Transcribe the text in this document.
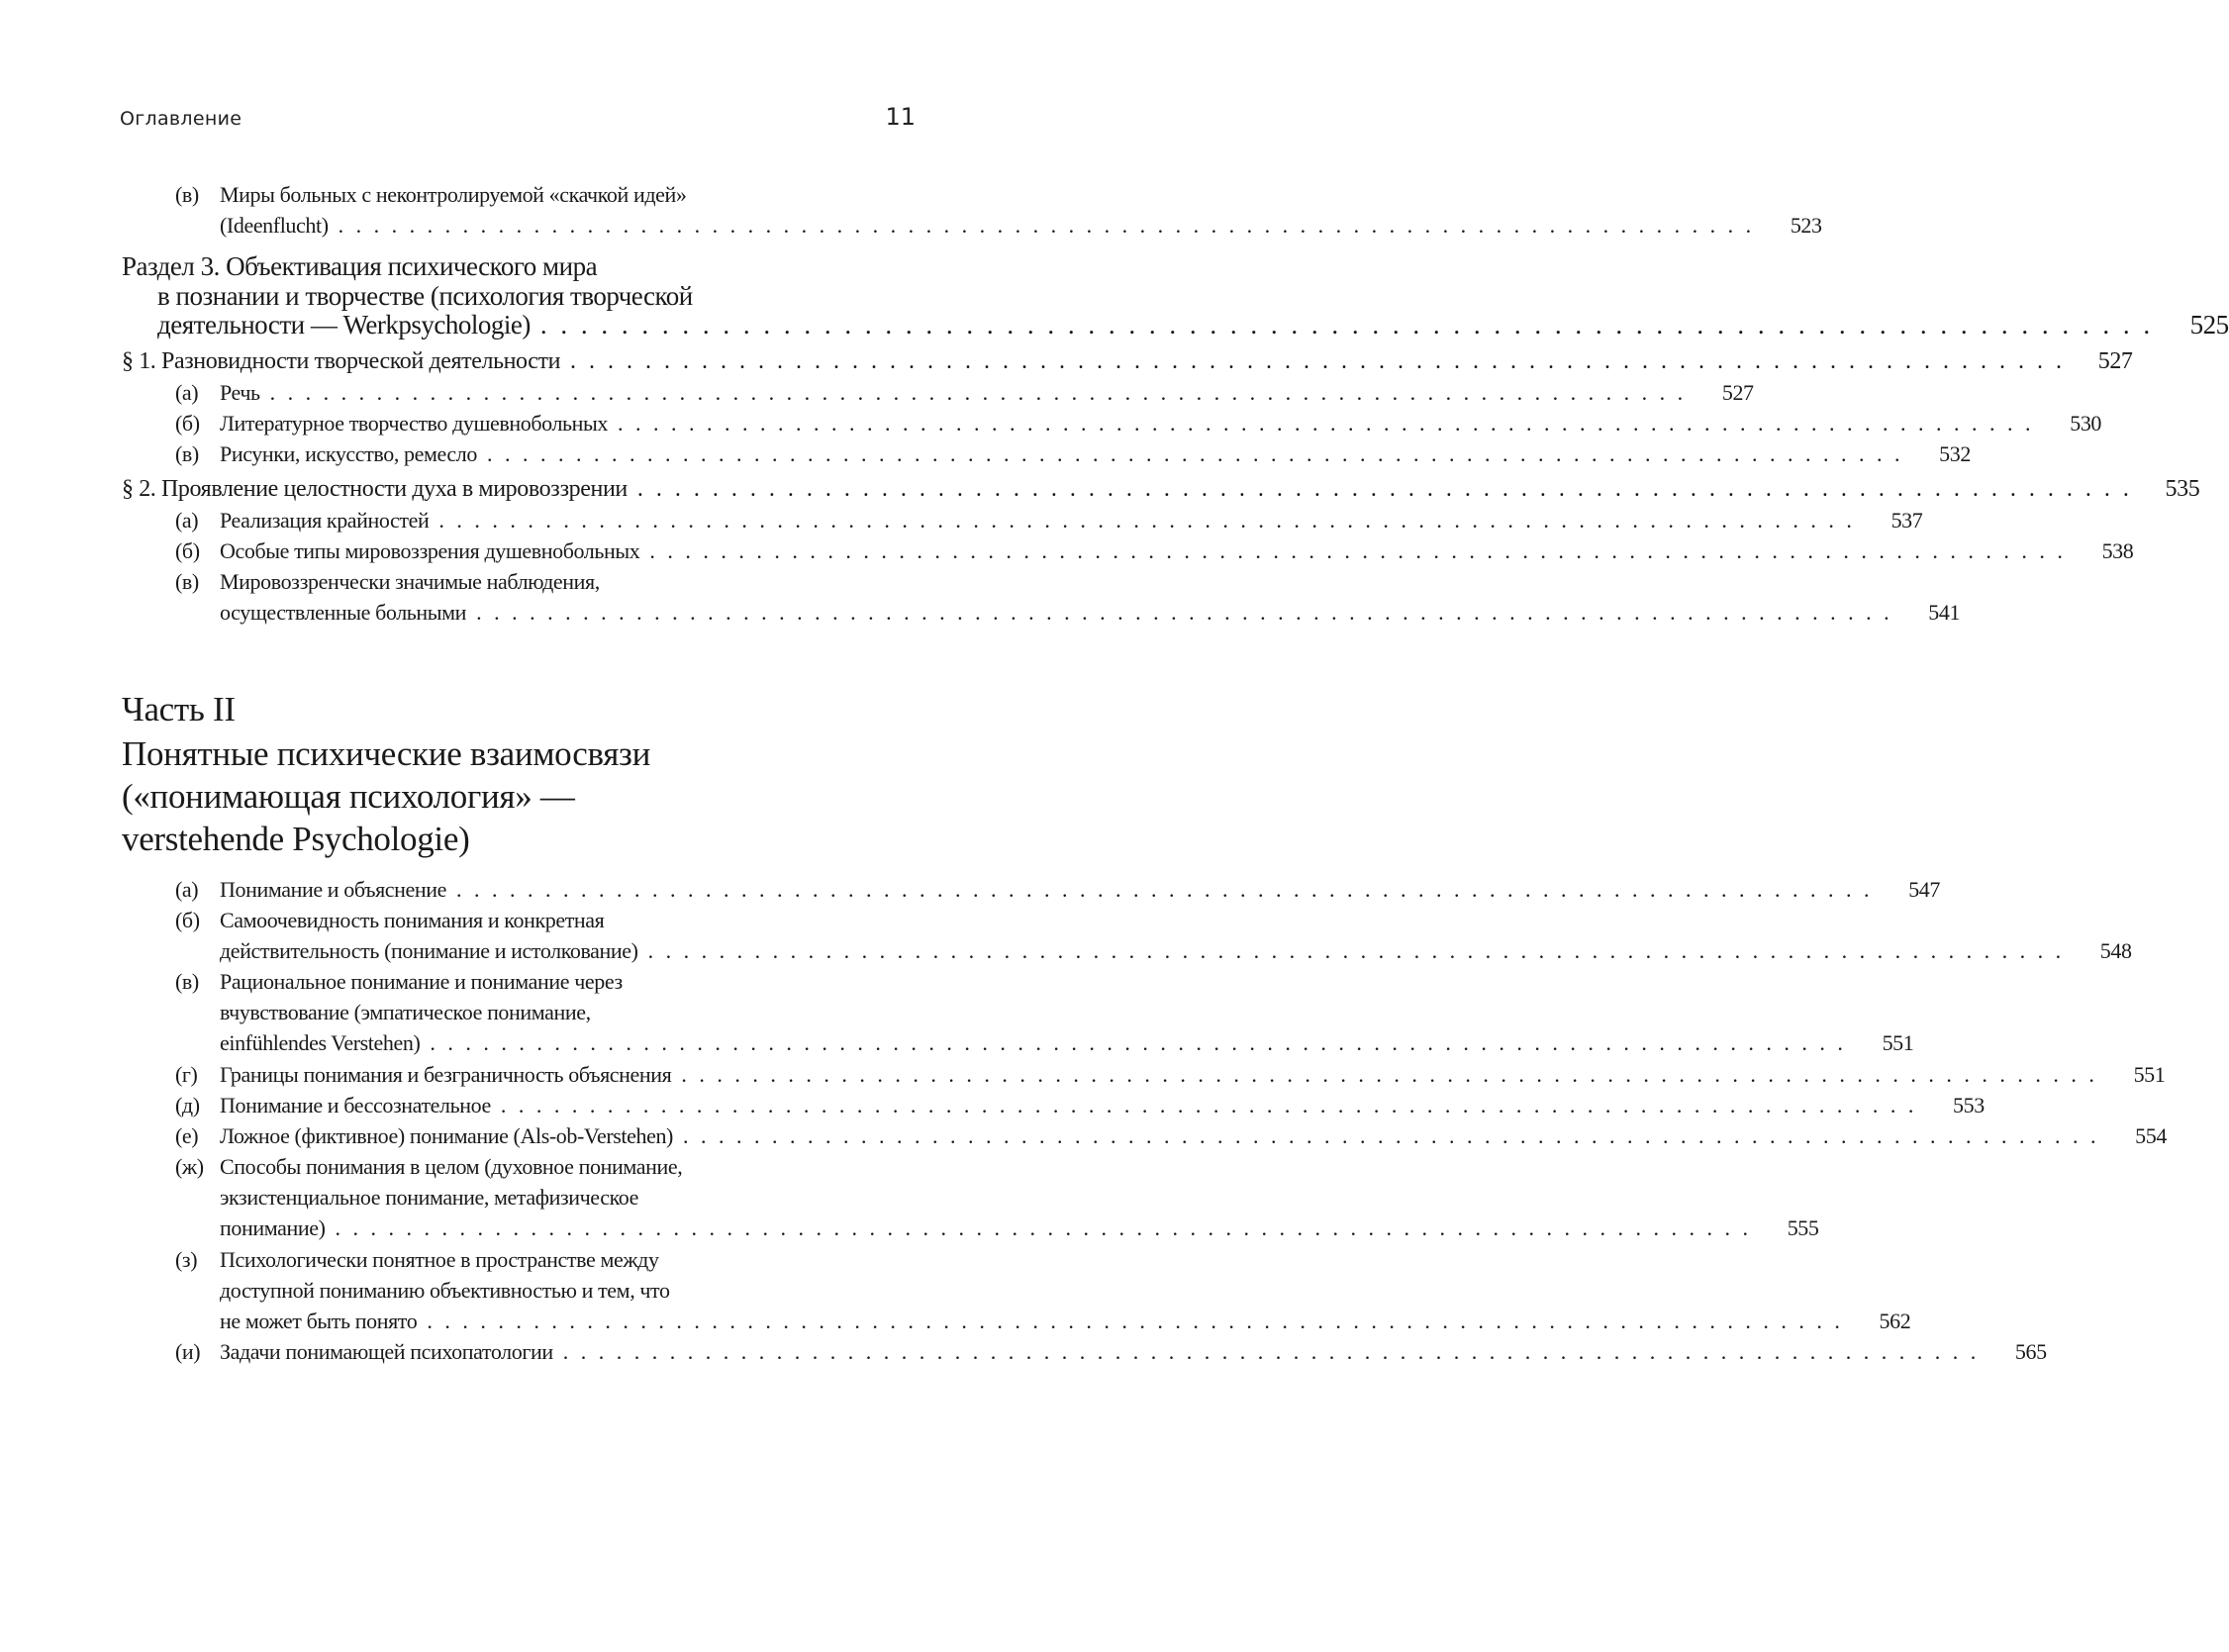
Оглавление	11
Часть II
Понятные психические взаимосвязи
(«понимающая психология» —
verstehende Psychologie)
(в) Миры больных с неконтролируемой «скачкой идей»
(Ideenflucht) . . . . . . . . . . . . . . . . . . . . . . . . . . . . . . . . . . . . . . . . . . . . . . . . . . . . . . . . . . . . . . . . . . . . . . . . . . . . . . . .	523
Раздел 3. Объективация психического мира
в познании и творчестве (психология творческой
деятельности — Werkpsychologie) . . . . . . . . . . . . . . . . . . . . . . . . . . . . . . . . . . . . . . . . . . . . . . . . . . . . . . . . . . . . . . . . . . . . . . . . . . . . . . . .	525
§ 1. Разновидности творческой деятельности . . . . . . . . . . . . . . . . . . . . . . . . . . . . . . . . . . . . . . . . . . . . . . . . . . . . . . . . . . . . . . . . . . . . . . . . . . . . . . . .	527
(а) Речь . . . . . . . . . . . . . . . . . . . . . . . . . . . . . . . . . . . . . . . . . . . . . . . . . . . . . . . . . . . . . . . . . . . . . . . . . . . . . . . .	527
(б) Литературное творчество душевнобольных . . . . . . . . . . . . . . . . . . . . . . . . . . . . . . . . . . . . . . . . . . . . . . . . . . . . . . . . . . . . . . . . . . . . . . . . . . . . . . . .	530
(в) Рисунки, искусство, ремесло . . . . . . . . . . . . . . . . . . . . . . . . . . . . . . . . . . . . . . . . . . . . . . . . . . . . . . . . . . . . . . . . . . . . . . . . . . . . . . . .	532
§ 2. Проявление целостности духа в мировоззрении . . . . . . . . . . . . . . . . . . . . . . . . . . . . . . . . . . . . . . . . . . . . . . . . . . . . . . . . . . . . . . . . . . . . . . . . . . . . . . . .	535
(а) Реализация крайностей . . . . . . . . . . . . . . . . . . . . . . . . . . . . . . . . . . . . . . . . . . . . . . . . . . . . . . . . . . . . . . . . . . . . . . . . . . . . . . . .	537
(б) Особые типы мировоззрения душевнобольных . . . . . . . . . . . . . . . . . . . . . . . . . . . . . . . . . . . . . . . . . . . . . . . . . . . . . . . . . . . . . . . . . . . . . . . . . . . . . . . .	538
(в) Мировоззренчески значимые наблюдения,
осуществленные больными . . . . . . . . . . . . . . . . . . . . . . . . . . . . . . . . . . . . . . . . . . . . . . . . . . . . . . . . . . . . . . . . . . . . . . . . . . . . . . . .	541
(а) Понимание и объяснение . . . . . . . . . . . . . . . . . . . . . . . . . . . . . . . . . . . . . . . . . . . . . . . . . . . . . . . . . . . . . . . . . . . . . . . . . . . . . . . .	547
(б) Самоочевидность понимания и конкретная
действительность (понимание и истолкование) . . . . . . . . . . . . . . . . . . . . . . . . . . . . . . . . . . . . . . . . . . . . . . . . . . . . . . . . . . . . . . . . . . . . . . . . . . . . . . . .	548
(в) Рациональное понимание и понимание через
вчувствование (эмпатическое понимание,
einfühlendes Verstehen) . . . . . . . . . . . . . . . . . . . . . . . . . . . . . . . . . . . . . . . . . . . . . . . . . . . . . . . . . . . . . . . . . . . . . . . . . . . . . . . .	551
(г) Границы понимания и безграничность объяснения . . . . . . . . . . . . . . . . . . . . . . . . . . . . . . . . . . . . . . . . . . . . . . . . . . . . . . . . . . . . . . . . . . . . . . . . . . . . . . . .	551
(д) Понимание и бессознательное . . . . . . . . . . . . . . . . . . . . . . . . . . . . . . . . . . . . . . . . . . . . . . . . . . . . . . . . . . . . . . . . . . . . . . . . . . . . . . . .	553
(е) Ложное (фиктивное) понимание (Als-ob-Verstehen) . . . . . . . . . . . . . . . . . . . . . . . . . . . . . . . . . . . . . . . . . . . . . . . . . . . . . . . . . . . . . . . . . . . . . . . . . . . . . . . .	554
(ж) Способы понимания в целом (духовное понимание,
экзистенциальное понимание, метафизическое
понимание) . . . . . . . . . . . . . . . . . . . . . . . . . . . . . . . . . . . . . . . . . . . . . . . . . . . . . . . . . . . . . . . . . . . . . . . . . . . . . . . .	555
(з) Психологически понятное в пространстве между
доступной пониманию объективностью и тем, что
не может быть понято . . . . . . . . . . . . . . . . . . . . . . . . . . . . . . . . . . . . . . . . . . . . . . . . . . . . . . . . . . . . . . . . . . . . . . . . . . . . . . . .	562
(и) Задачи понимающей психопатологии . . . . . . . . . . . . . . . . . . . . . . . . . . . . . . . . . . . . . . . . . . . . . . . . . . . . . . . . . . . . . . . . . . . . . . . . . . . . . . . .	565
